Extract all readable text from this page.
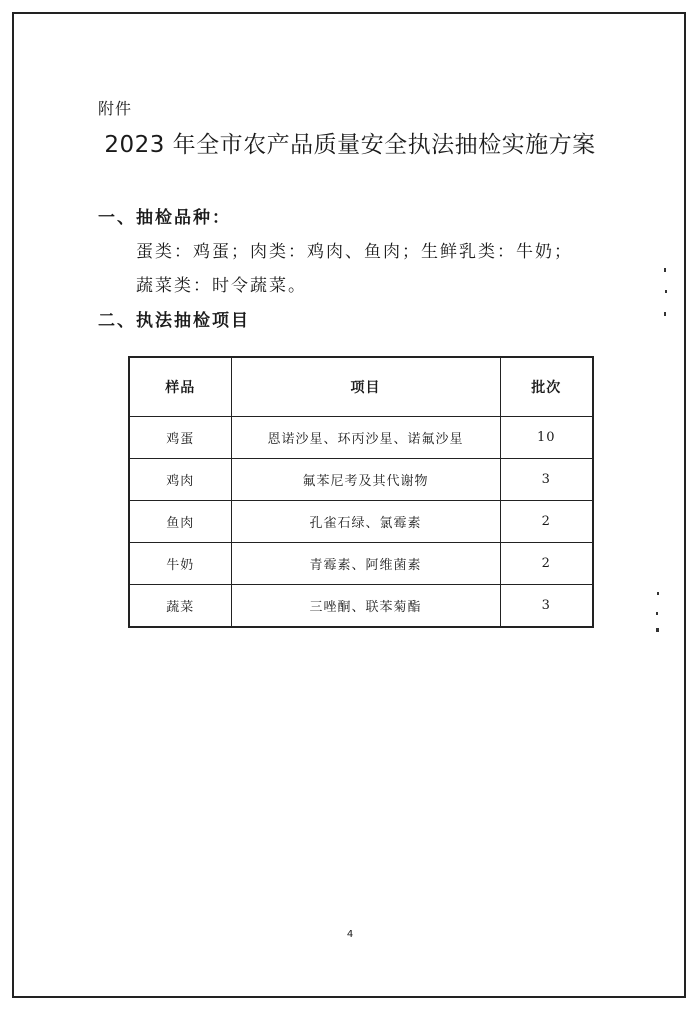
附件
2023 年全市农产品质量安全执法抽检实施方案
一、抽检品种：
蛋类：鸡蛋；肉类：鸡肉、鱼肉；生鲜乳类：牛奶；
蔬菜类：时令蔬菜。
二、执法抽检项目
样品	项目	批次
鸡蛋	恩诺沙星、环丙沙星、诺氟沙星	10
鸡肉	氟苯尼考及其代谢物	3
鱼肉	孔雀石绿、氯霉素	2
牛奶	青霉素、阿维菌素	2
蔬菜	三唑酮、联苯菊酯	3
4
